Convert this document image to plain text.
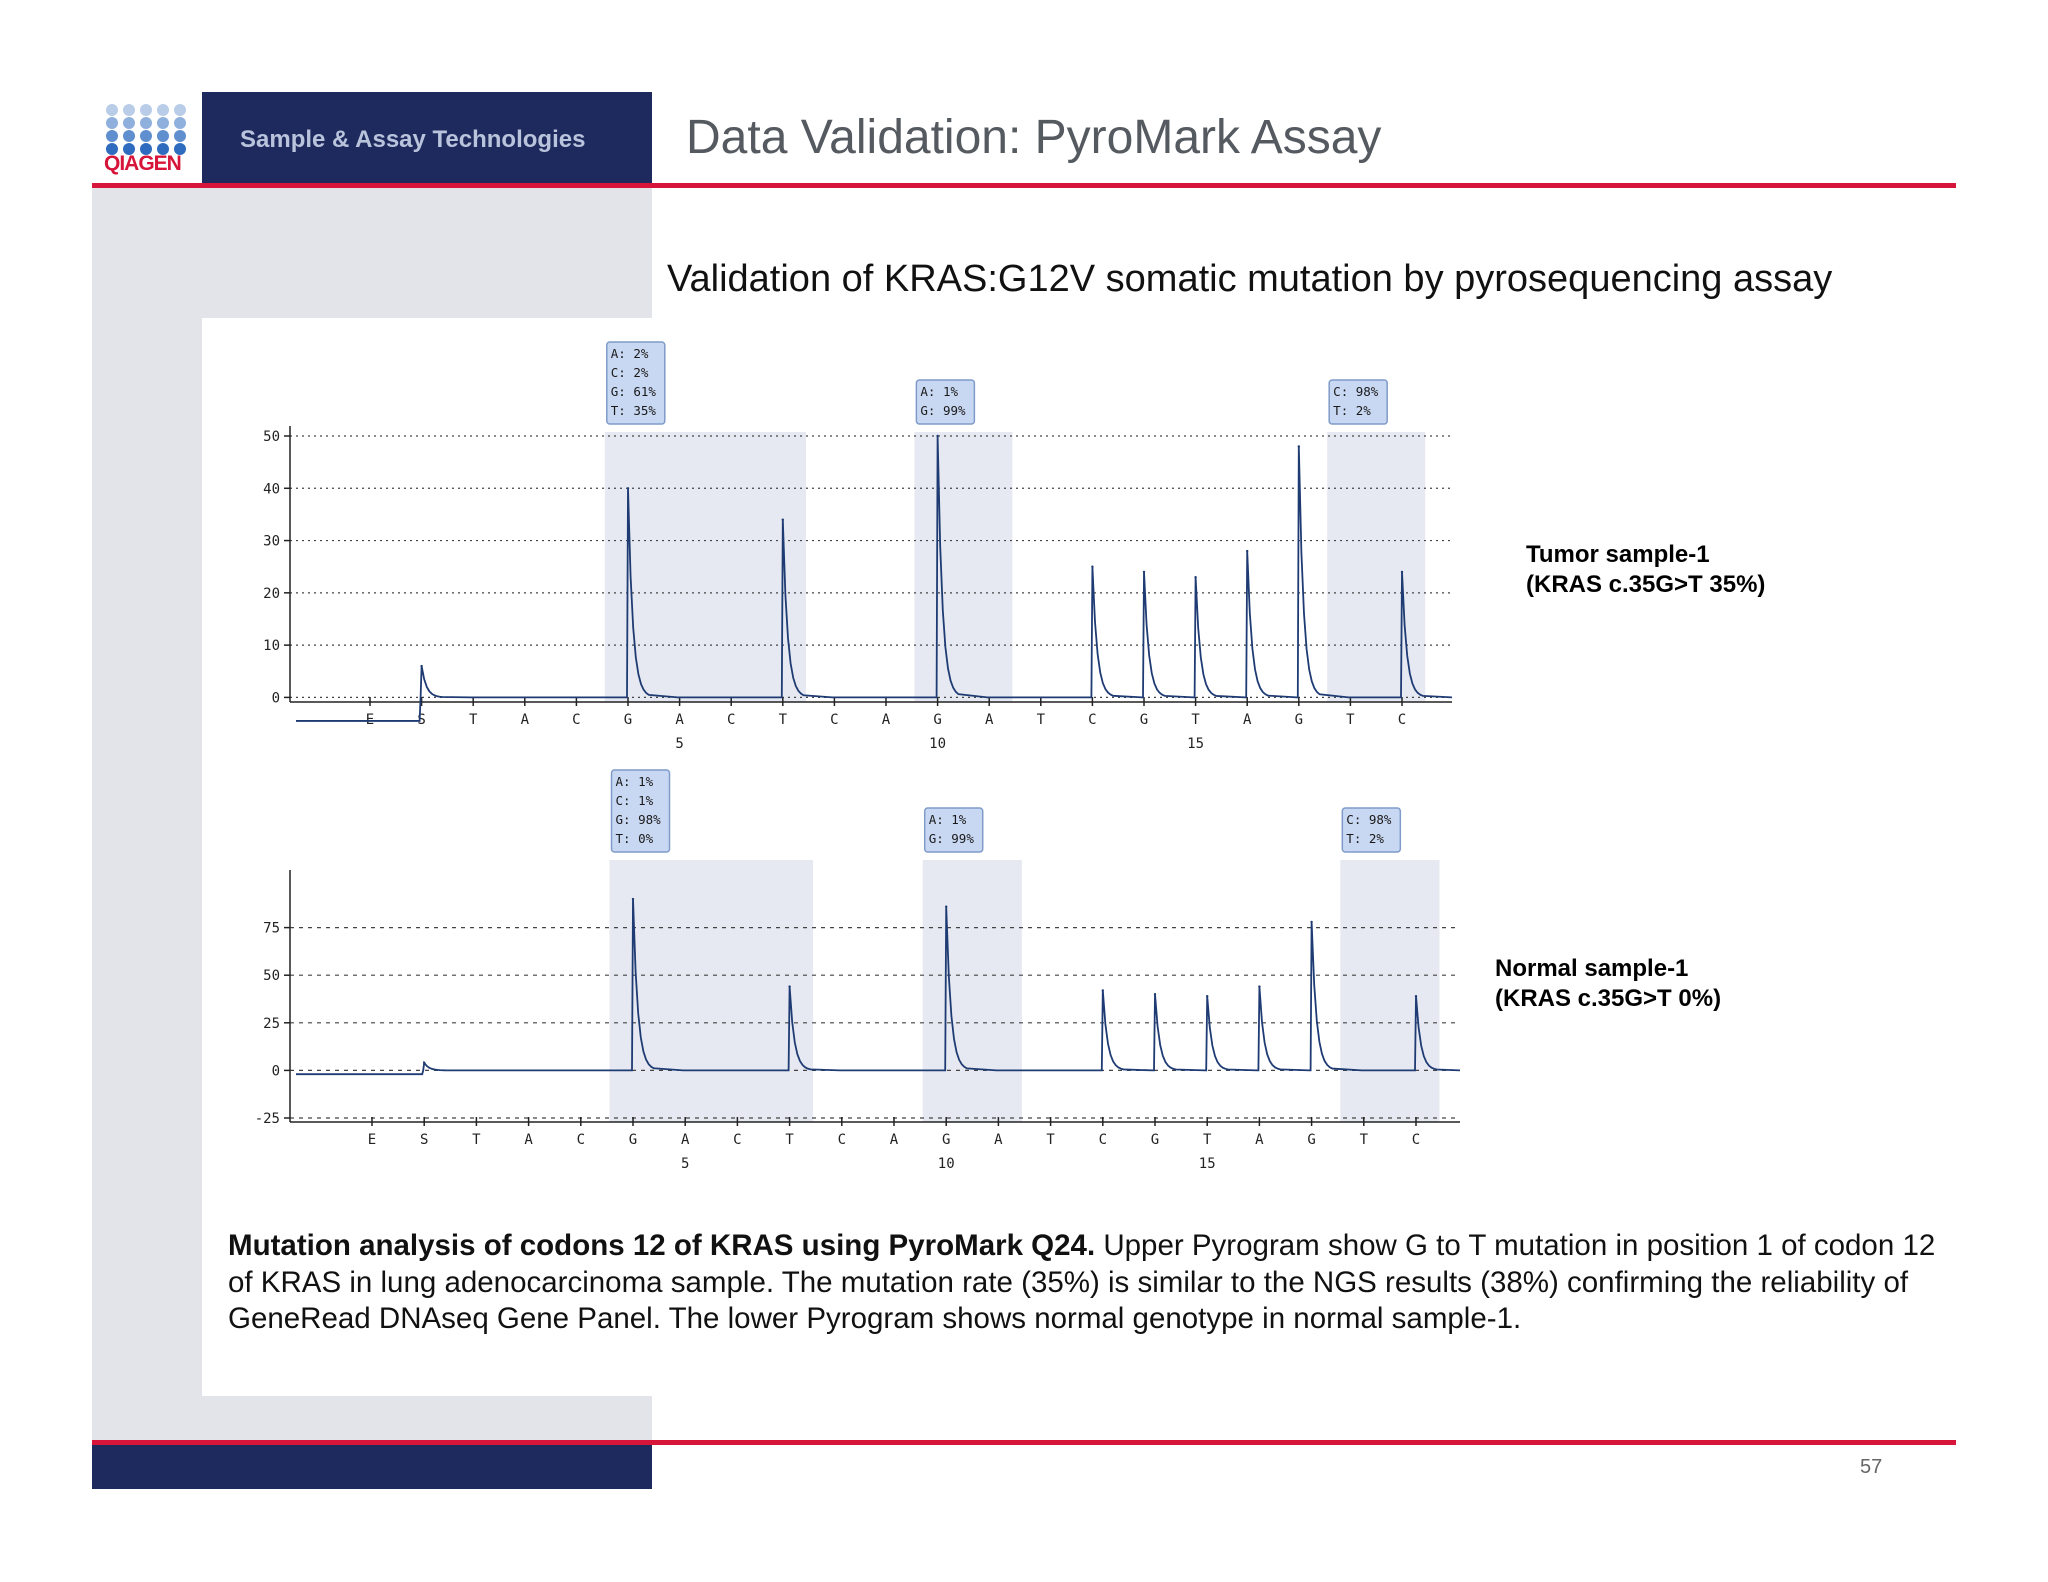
QIAGEN
Sample & Assay Technologies Data Validation: PyroMark Assay
Validation of KRAS:G12V somatic mutation by pyrosequencing assay
A: 2%
C: 2%
G: 61%
T: 35%
A: 1%
G: 99%
C: 98%
T: 2%
0
10
20
30
40
50
E	S	T	A	C	G	A	C	T	C	A	G	A	T	C	G	T	A	G	T	C
5	10	15
A: 1%
C: 1%
G: 98%
T: 0%
A: 1%
G: 99%
C: 98%
T: 2%
-25
0
25
50
75
E	S	T	A	C	G	A	C	T	C	A	G	A	T	C	G	T	A	G	T	C
5	10	15
Tumor sample-1
(KRAS c.35G>T 35%)
Normal sample-1
(KRAS c.35G>T 0%)
Mutation analysis of codons 12 of KRAS using PyroMark Q24. Upper Pyrogram show G to T mutation in position 1 of codon 12 of KRAS in lung adenocarcinoma sample. The mutation rate (35%) is similar to the NGS results (38%) confirming the reliability of GeneRead DNAseq Gene Panel. The lower Pyrogram shows normal genotype in normal sample-1.
57
